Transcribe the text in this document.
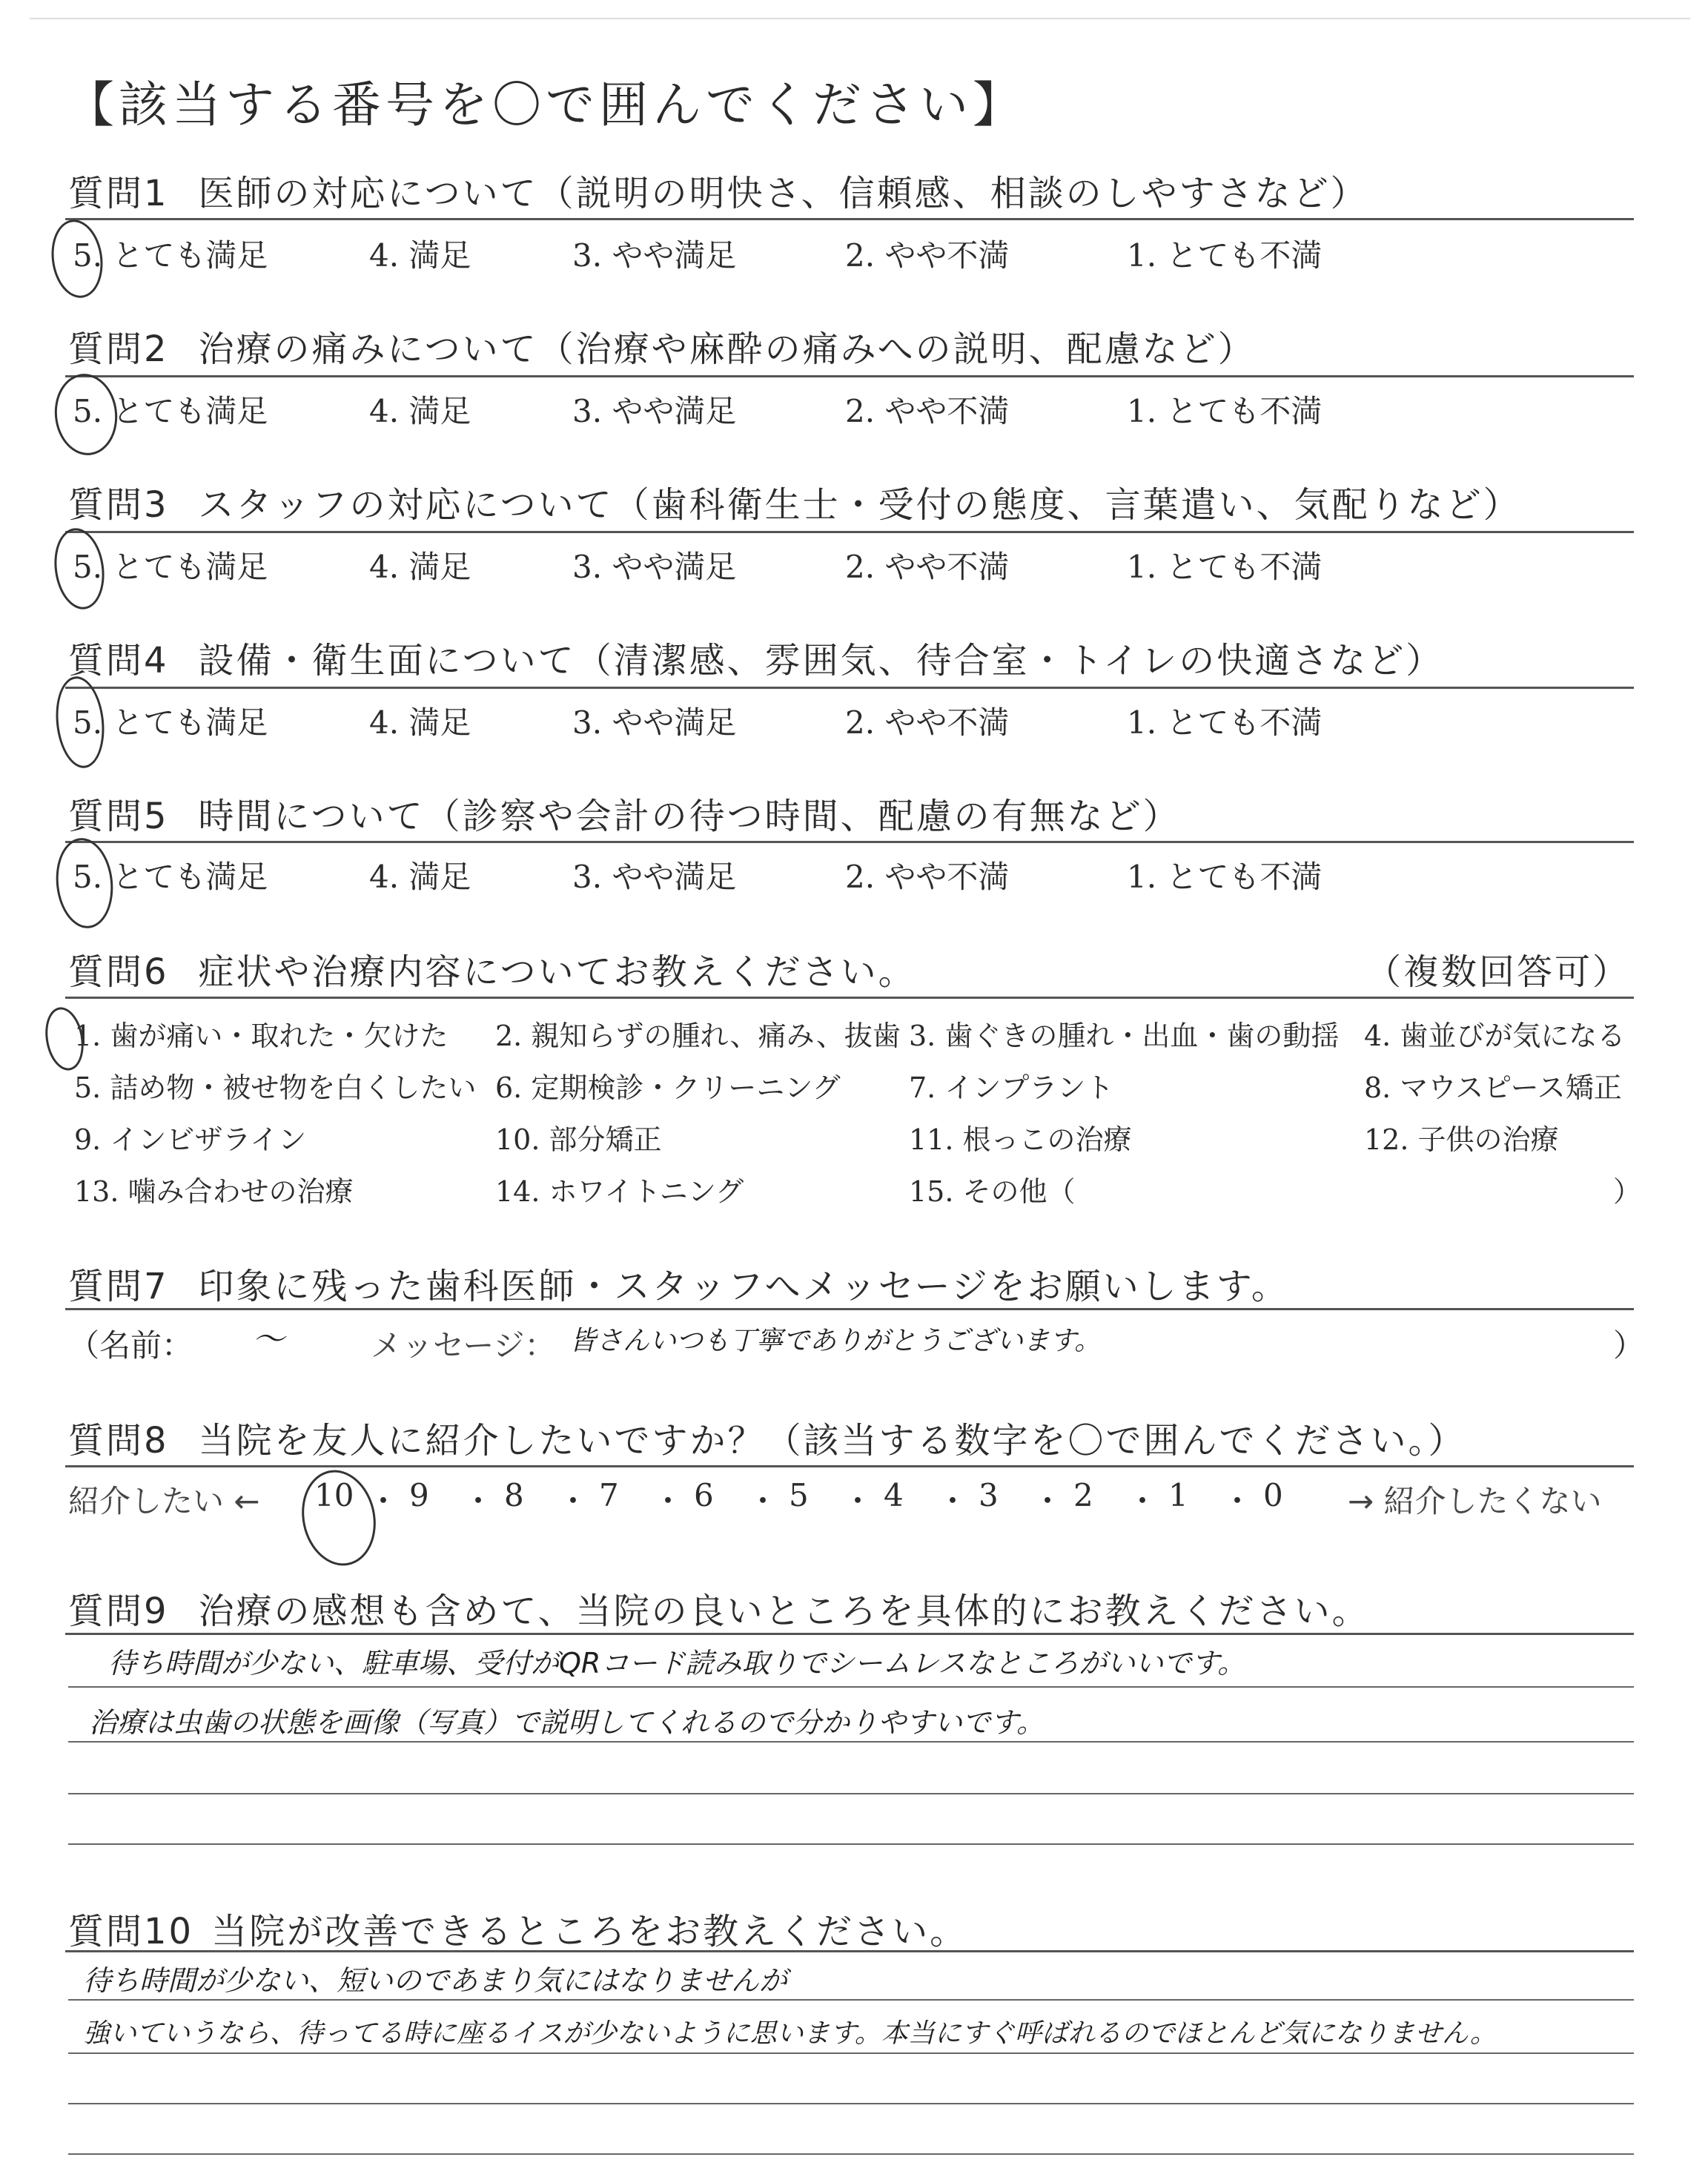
【該当する番号を〇で囲んでください】
質問1 医師の対応について（説明の明快さ、信頼感、相談のしやすさなど）
5. とても満足	4. 満足	3. やや満足	2. やや不満	1. とても不満
質問2 治療の痛みについて（治療や麻酔の痛みへの説明、配慮など）
5. とても満足	4. 満足	3. やや満足	2. やや不満	1. とても不満
質問3 スタッフの対応について（歯科衛生士・受付の態度、言葉遣い、気配りなど）
5. とても満足	4. 満足	3. やや満足	2. やや不満	1. とても不満
質問4 設備・衛生面について（清潔感、雰囲気、待合室・トイレの快適さなど）
5. とても満足	4. 満足	3. やや満足	2. やや不満	1. とても不満
質問5 時間について（診察や会計の待つ時間、配慮の有無など）
5. とても満足	4. 満足	3. やや満足	2. やや不満	1. とても不満
質問6 症状や治療内容についてお教えください。	（複数回答可）
1. 歯が痛い・取れた・欠けた 2. 親知らずの腫れ、痛み、抜歯 3. 歯ぐきの腫れ・出血・歯の動揺 4. 歯並びが気になる
5. 詰め物・被せ物を白くしたい 6. 定期検診・クリーニング 7. インプラント	8. マウスピース矯正
9. インビザライン	10. 部分矯正	11. 根っこの治療	12. 子供の治療
13. 噛み合わせの治療	14. ホワイトニング	15. その他（	）
質問7 印象に残った歯科医師・スタッフへメッセージをお願いします。
（名前： ～	メッセージ： 皆さんいつも丁寧でありがとうございます。	）
質問8 当院を友人に紹介したいですか？（該当する数字を〇で囲んでください。）
紹介したい ←	→ 紹介したくない
10 ・ 9 ・ 8 ・ 7 ・ 6 ・ 5 ・ 4 ・ 3 ・ 2 ・ 1 ・ 0
質問9 治療の感想も含めて、当院の良いところを具体的にお教えください。
待ち時間が少ない、駐車場、受付がQRコード読み取りでシームレスなところがいいです。
治療は虫歯の状態を画像（写真）で説明してくれるので分かりやすいです。
質問10 当院が改善できるところをお教えください。
待ち時間が少ない、短いのであまり気にはなりませんが
強いていうなら、待ってる時に座るイスが少ないように思います。本当にすぐ呼ばれるのでほとんど気になりません。
